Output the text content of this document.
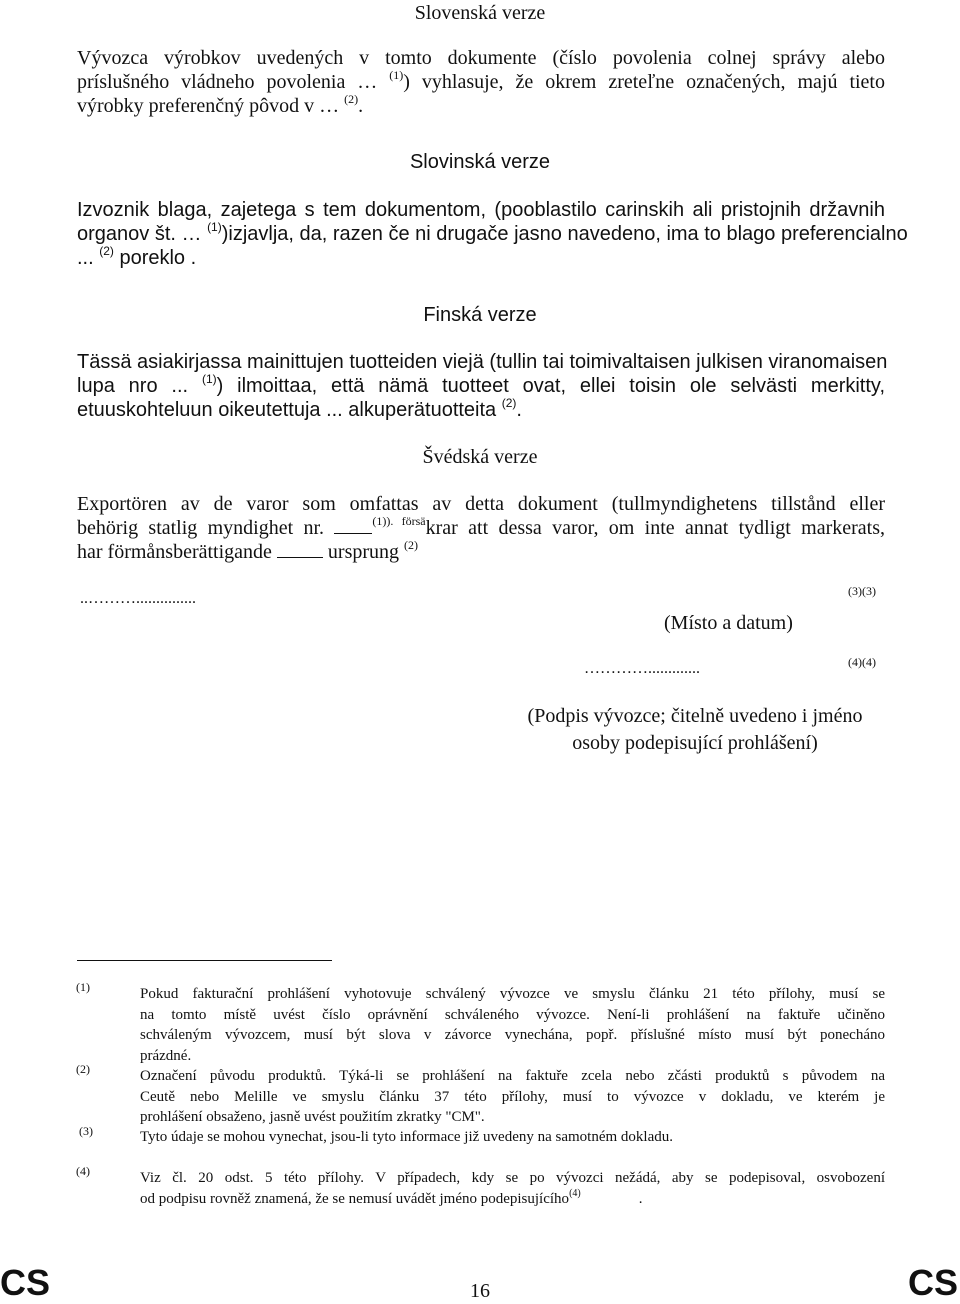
Slovenská verze
Vývozca výrobkov uvedených v tomto dokumente (číslo povolenia colnej správy alebo
príslušného vládneho povolenia … $^{(1)}$) vyhlasuje, že okrem zreteľne označených, majú tieto
výrobky preferenčný pôvod v … $^{(2)}$.
Slovinská verze
Izvoznik blaga, zajetega s tem dokumentom, (pooblastilo carinskih ali pristojnih državnih
organov št. … $^{(1)}$)izjavlja, da, razen če ni drugače jasno navedeno, ima to blago preferencialno
... $^{(2)}$ poreklo .
Finská verze
Tässä asiakirjassa mainittujen tuotteiden viejä (tullin tai toimivaltaisen julkisen viranomaisen
lupa nro ... $^{(1)}$) ilmoittaa, että nämä tuotteet ovat, ellei toisin ole selvästi merkitty,
etuuskohteluun oikeutettuja ... alkuperätuotteita $^{(2)}$.
Švédská verze
Exportören av de varor som omfattas av detta dokument (tullmyndighetens tillstånd eller
behörig statlig myndighet nr.	$^{(1)). försä}$krar att dessa varor, om inte annat tydligt markerats,
har förmånsberättigande	ursprung $^{(2)}$
..………...............	(3)(3)
(Místo a datum)
………….............	(4)(4)
(Podpis vývozce; čitelně uvedeno i jméno
osoby podepisující prohlášení)
(1)	Pokud fakturační prohlášení vyhotovuje schválený vývozce ve smyslu článku 21 této přílohy, musí se
na tomto místě uvést číslo oprávnění schváleného vývozce. Není-li prohlášení na faktuře učiněno
schváleným vývozcem, musí být slova v závorce vynechána, popř. příslušné místo musí být ponecháno
prázdné.
(2)	Označení původu produktů. Týká-li se prohlášení na faktuře zcela nebo zčásti produktů s původem na
Ceutě nebo Melille ve smyslu článku 37 této přílohy, musí to vývozce v dokladu, ve kterém je
prohlášení obsaženo, jasně uvést použitím zkratky "CM".
(3)	Tyto údaje se mohou vynechat, jsou-li tyto informace již uvedeny na samotném dokladu.
(4)	Viz čl. 20 odst. 5 této přílohy. V případech, kdy se po vývozci nežádá, aby se podepisoval, osvobození
od podpisu rovněž znamená, že se nemusí uvádět jméno podepisujícího$^{(4)}$	.
CS	16	CS
